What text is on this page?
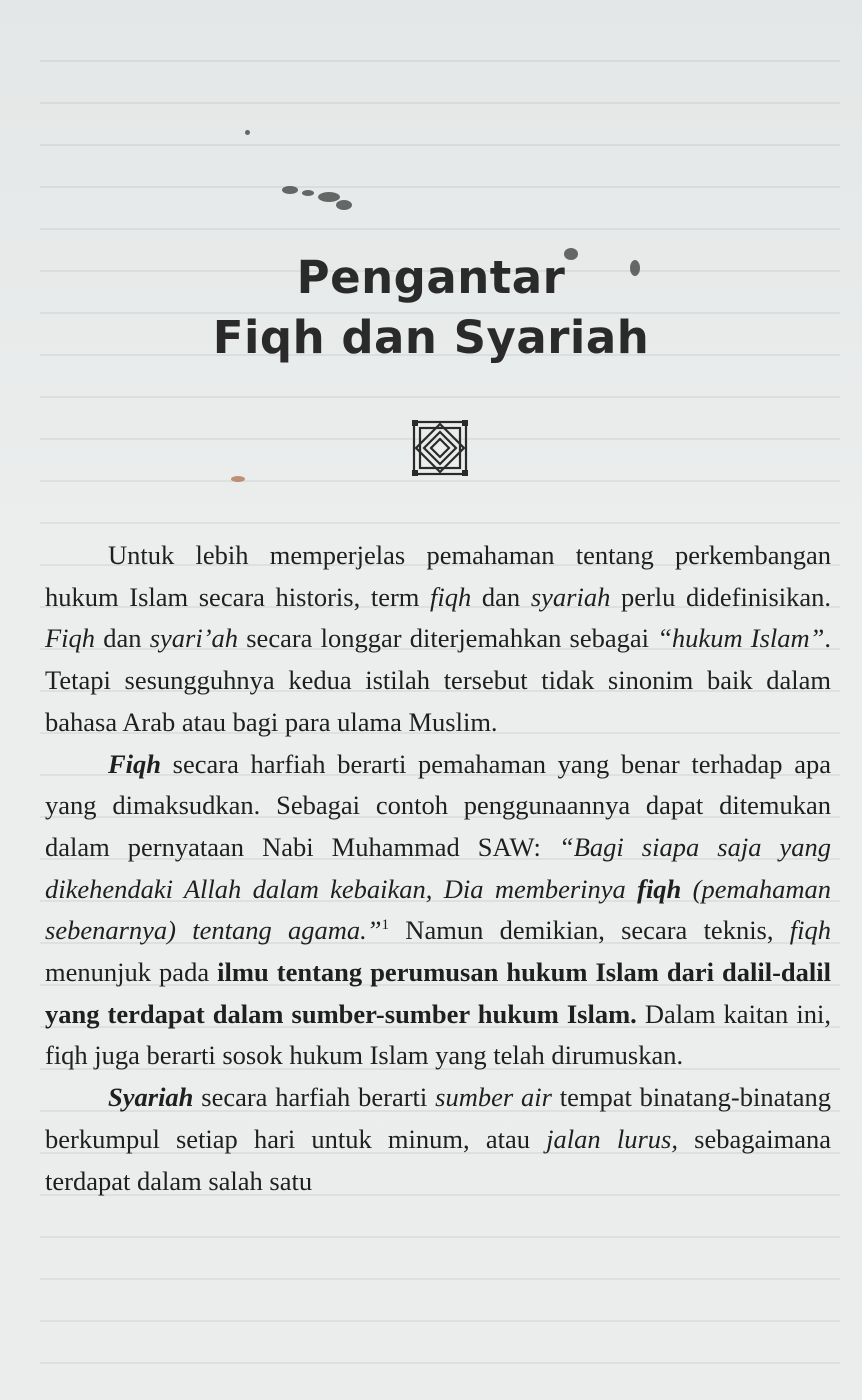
Pengantar
Fiqh dan Syariah

Untuk lebih memperjelas pemahaman tentang perkembangan hukum Islam secara historis, term fiqh dan syariah perlu didefinisikan. Fiqh dan syari’ah secara longgar diterjemahkan sebagai “hukum Islam”. Tetapi sesungguhnya kedua istilah tersebut tidak sinonim baik dalam bahasa Arab atau bagi para ulama Muslim.

Fiqh secara harfiah berarti pemahaman yang benar terhadap apa yang dimaksudkan. Sebagai contoh penggunaannya dapat ditemukan dalam pernyataan Nabi Muhammad SAW: “Bagi siapa saja yang dikehendaki Allah dalam kebaikan, Dia memberinya fiqh (pemahaman sebenarnya) tentang agama.”$^1$ Namun demikian, secara teknis, fiqh menunjuk pada ilmu tentang perumusan hukum Islam dari dalil-dalil yang terdapat dalam sumber-sumber hukum Islam. Dalam kaitan ini, fiqh juga berarti sosok hukum Islam yang telah dirumuskan.

Syariah secara harfiah berarti sumber air tempat binatang-binatang berkumpul setiap hari untuk minum, atau jalan lurus, sebagaimana terdapat dalam salah satu
